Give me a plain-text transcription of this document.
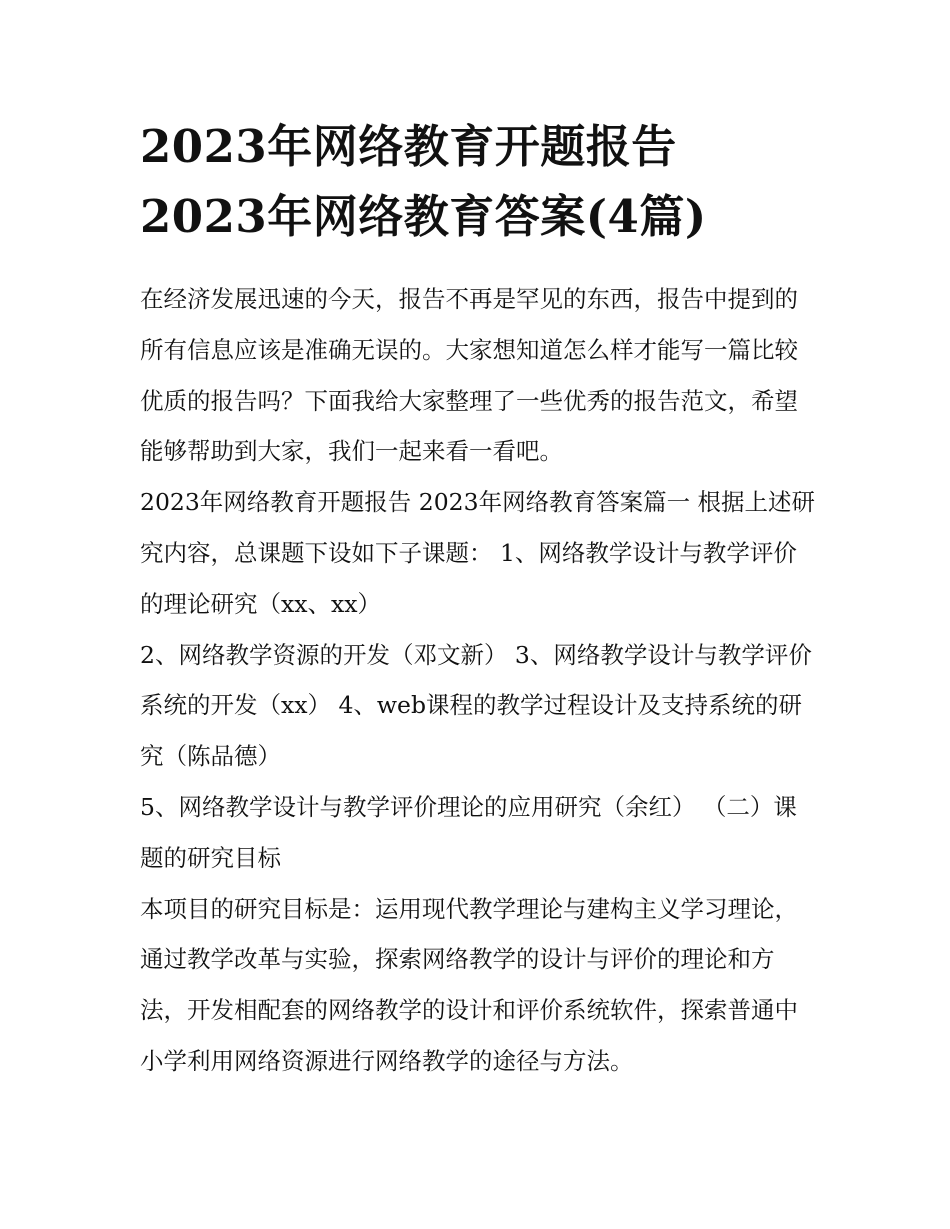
2023年网络教育开题报告
2023年网络教育答案(4篇)

在经济发展迅速的今天，报告不再是罕见的东西，报告中提到的所有信息应该是准确无误的。大家想知道怎么样才能写一篇比较优质的报告吗？下面我给大家整理了一些优秀的报告范文，希望能够帮助到大家，我们一起来看一看吧。

2023年网络教育开题报告 2023年网络教育答案篇一 根据上述研究内容，总课题下设如下子课题： 1、网络教学设计与教学评价的理论研究（xx、xx）

2、网络教学资源的开发（邓文新） 3、网络教学设计与教学评价系统的开发（xx） 4、web课程的教学过程设计及支持系统的研究（陈品德）

5、网络教学设计与教学评价理论的应用研究（余红） （二）课题的研究目标

本项目的研究目标是：运用现代教学理论与建构主义学习理论，通过教学改革与实验，探索网络教学的设计与评价的理论和方法，开发相配套的网络教学的设计和评价系统软件，探索普通中小学利用网络资源进行网络教学的途径与方法。
